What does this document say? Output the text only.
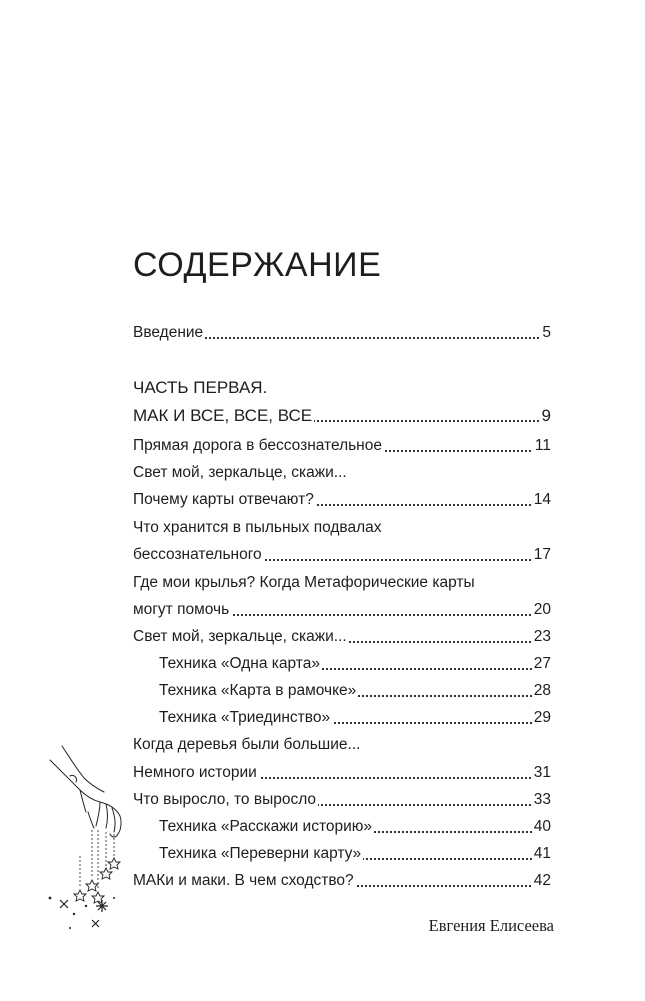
СОДЕРЖАНИЕ
Введение	5
ЧАСТЬ ПЕРВАЯ.
МАК И ВСЕ, ВСЕ, ВСЕ	9
Прямая дорога в бессознательное	11
Свет мой, зеркальце, скажи...
Почему карты отвечают?	14
Что хранится в пыльных подвалах
бессознательного	17
Где мои крылья? Когда Метафорические карты
могут помочь	20
Свет мой, зеркальце, скажи...	23
Техника «Одна карта»	27
Техника «Карта в рамочке»	28
Техника «Триединство»	29
Когда деревья были большие...
Немного истории	31
Что выросло, то выросло	33
Техника «Расскажи историю»	40
Техника «Переверни карту»	41
МАКи и маки. В чем сходство?	42
Евгения Елисеева
